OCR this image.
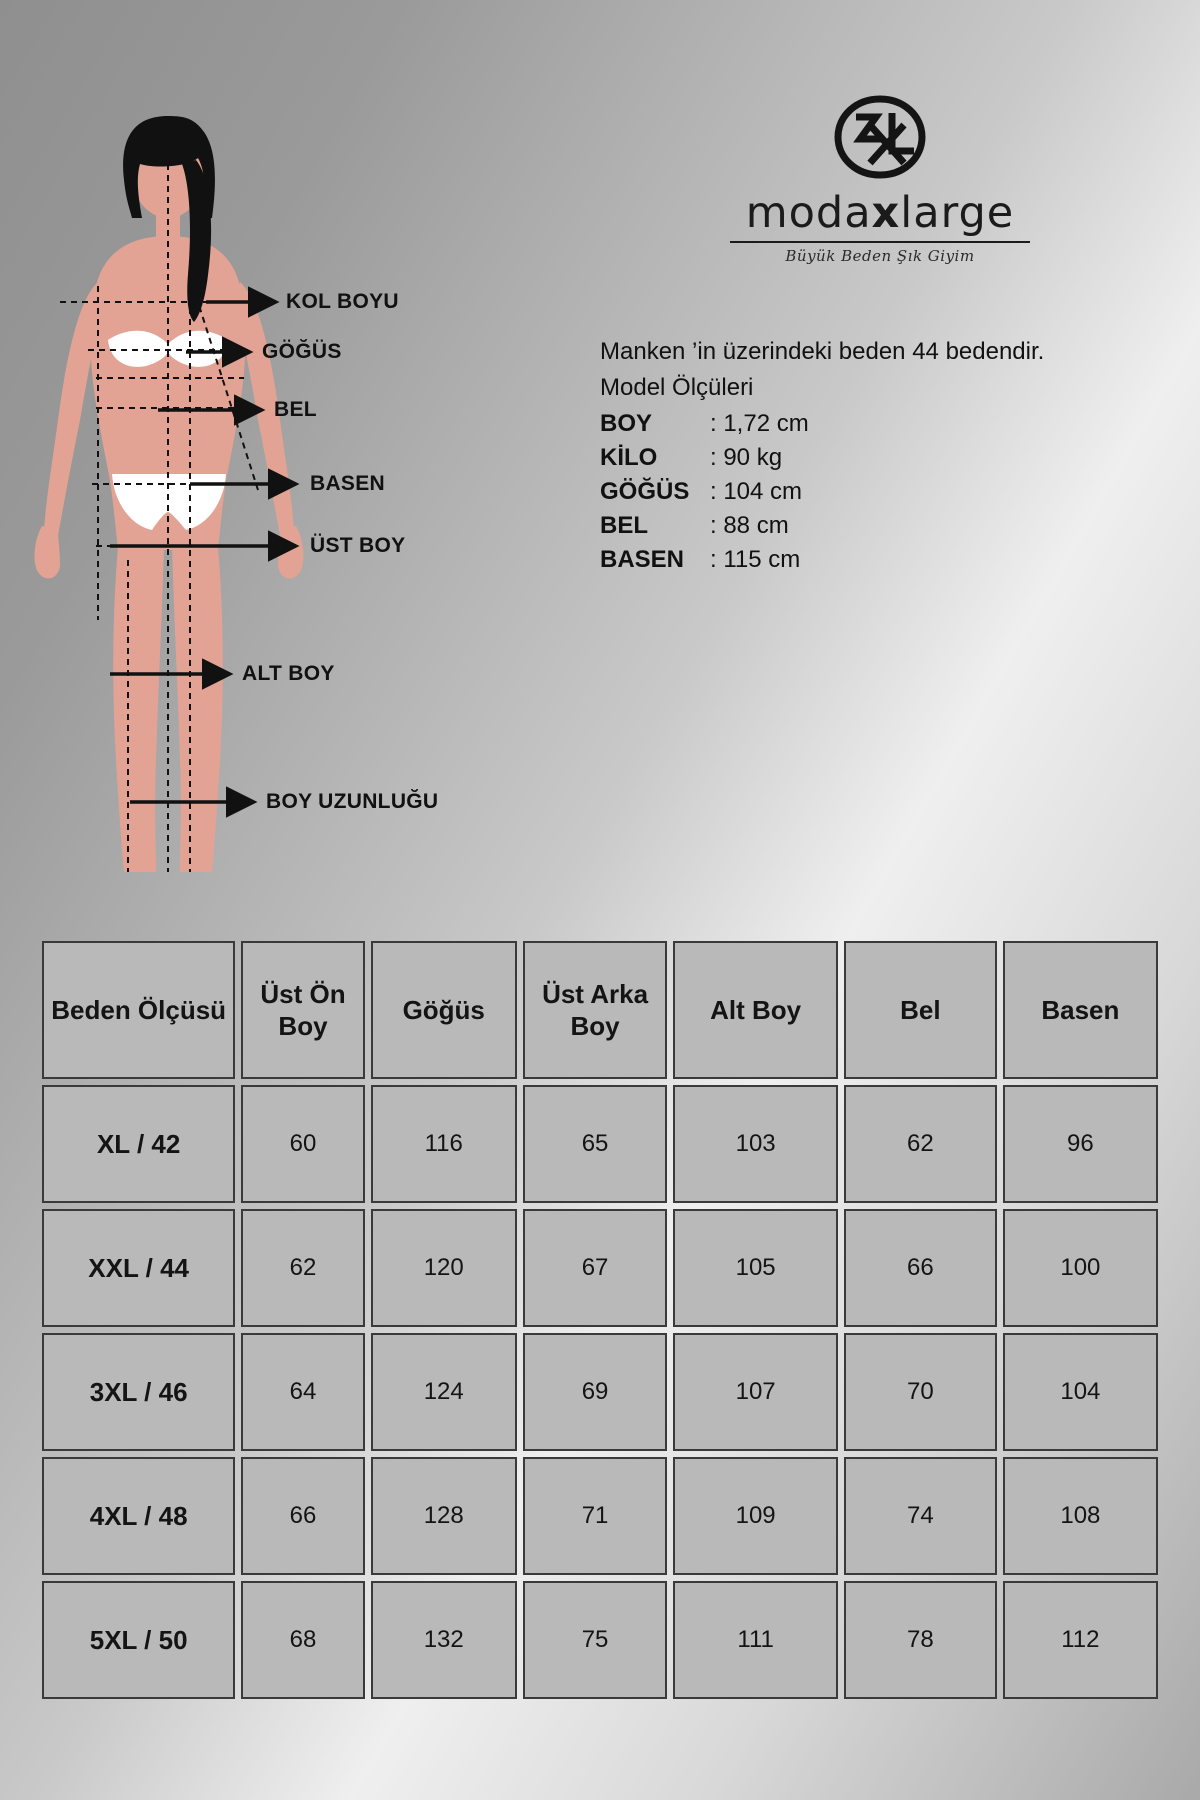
KOL BOYU
GÖĞÜS
BEL
BASEN
ÜST BOY
ALT BOY
BOY UZUNLUĞU
modaxlarge
Büyük Beden Şık Giyim
Manken ’in üzerindeki beden 44 bedendir.
Model Ölçüleri
BOY	: 1,72 cm
KİLO	: 90 kg
GÖĞÜS : 104 cm
BEL	: 88 cm
BASEN	: 115 cm
Beden Ölçüsü	Üst Ön Boy	Göğüs	Üst Arka Boy	Alt Boy	Bel	Basen
XL / 42	60	116	65	103	62	96
XXL / 44	62	120	67	105	66	100
3XL / 46	64	124	69	107	70	104
4XL / 48	66	128	71	109	74	108
5XL / 50	68	132	75	111	78	112
